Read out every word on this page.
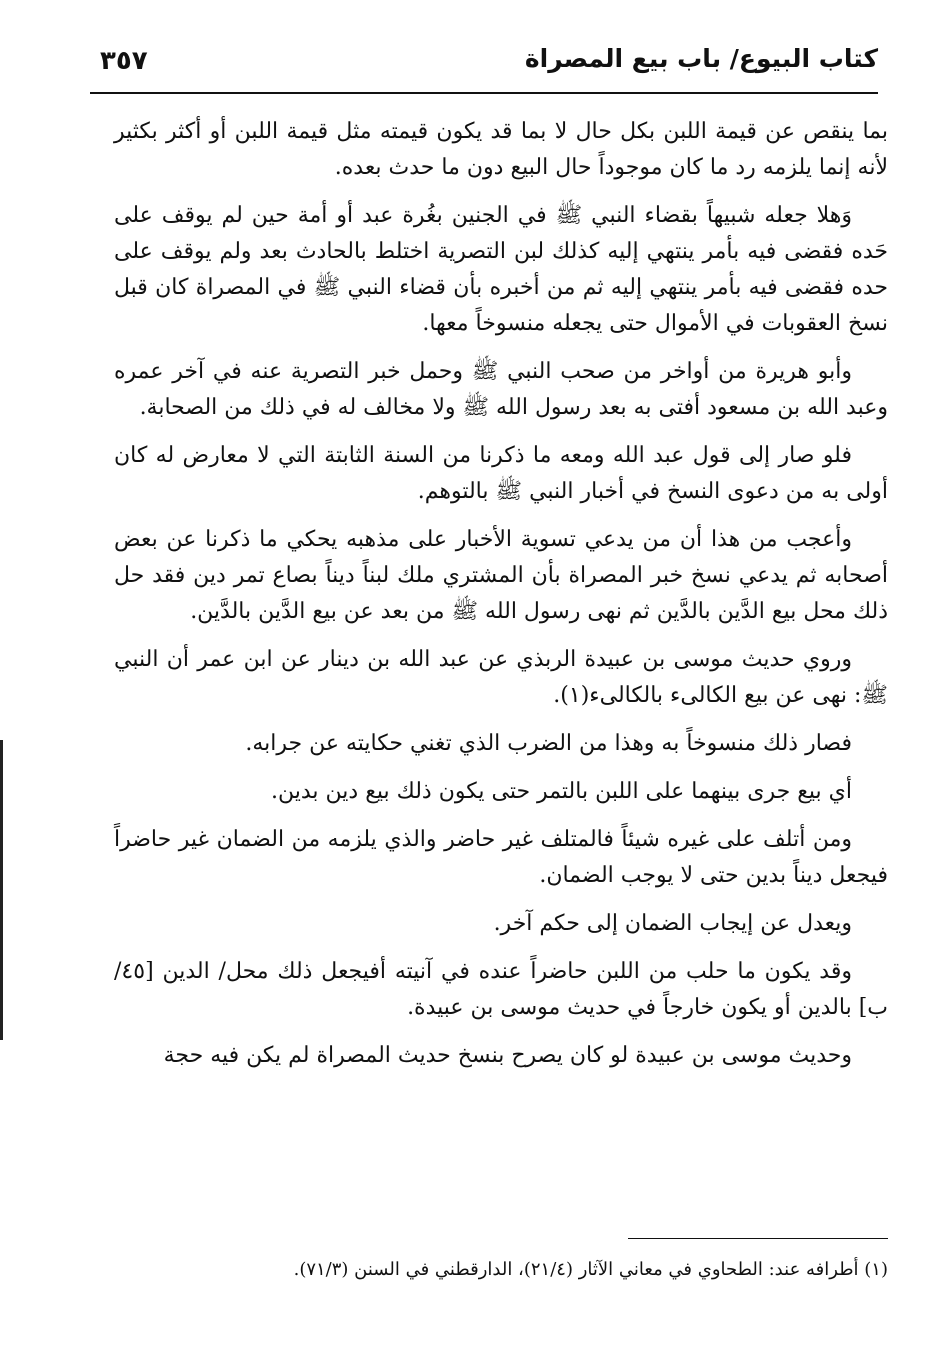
كتاب البيوع/ باب بيع المصراة
٣٥٧

بما ينقص عن قيمة اللبن بكل حال لا بما قد يكون قيمته مثل قيمة اللبن أو أكثر بكثير لأنه إنما يلزمه رد ما كان موجوداً حال البيع دون ما حدث بعده.

وَهلا جعله شبيهاً بقضاء النبي ﷺ في الجنين بغُرة عبد أو أمة حين لم يوقف على حَده فقضى فيه بأمر ينتهي إليه كذلك لبن التصرية اختلط بالحادث بعد ولم يوقف على حده فقضى فيه بأمر ينتهي إليه ثم من أخبره بأن قضاء النبي ﷺ في المصراة كان قبل نسخ العقوبات في الأموال حتى يجعله منسوخاً معها.

وأبو هريرة من أواخر من صحب النبي ﷺ وحمل خبر التصرية عنه في آخر عمره وعبد الله بن مسعود أفتى به بعد رسول الله ﷺ ولا مخالف له في ذلك من الصحابة.

فلو صار إلى قول عبد الله ومعه ما ذكرنا من السنة الثابتة التي لا معارض له كان أولى به من دعوى النسخ في أخبار النبي ﷺ بالتوهم.

وأعجب من هذا أن من يدعي تسوية الأخبار على مذهبه يحكي ما ذكرنا عن بعض أصحابه ثم يدعي نسخ خبر المصراة بأن المشتري ملك لبناً ديناً بصاع تمر دين فقد حل ذلك محل بيع الدَّين بالدَّين ثم نهى رسول الله ﷺ من بعد عن بيع الدَّين بالدَّين.

وروي حديث موسى بن عبيدة الربذي عن عبد الله بن دينار عن ابن عمر أن النبي ﷺ: نهى عن بيع الكالىء بالكالىء(١).

فصار ذلك منسوخاً به وهذا من الضرب الذي تغني حكايته عن جرابه.

أي بيع جرى بينهما على اللبن بالتمر حتى يكون ذلك بيع دين بدين.

ومن أتلف على غيره شيئاً فالمتلف غير حاضر والذي يلزمه من الضمان غير حاضراً فيجعل ديناً بدين حتى لا يوجب الضمان.

ويعدل عن إيجاب الضمان إلى حكم آخر.

وقد يكون ما حلب من اللبن حاضراً عنده في آنيته أفيجعل ذلك محل/ الدين [٤٥/ ب] بالدين أو يكون خارجاً في حديث موسى بن عبيدة.

وحديث موسى بن عبيدة لو كان يصرح بنسخ حديث المصراة لم يكن فيه حجة

(١) أطرافه عند: الطحاوي في معاني الآثار (٢١/٤)، الدارقطني في السنن (٧١/٣).
